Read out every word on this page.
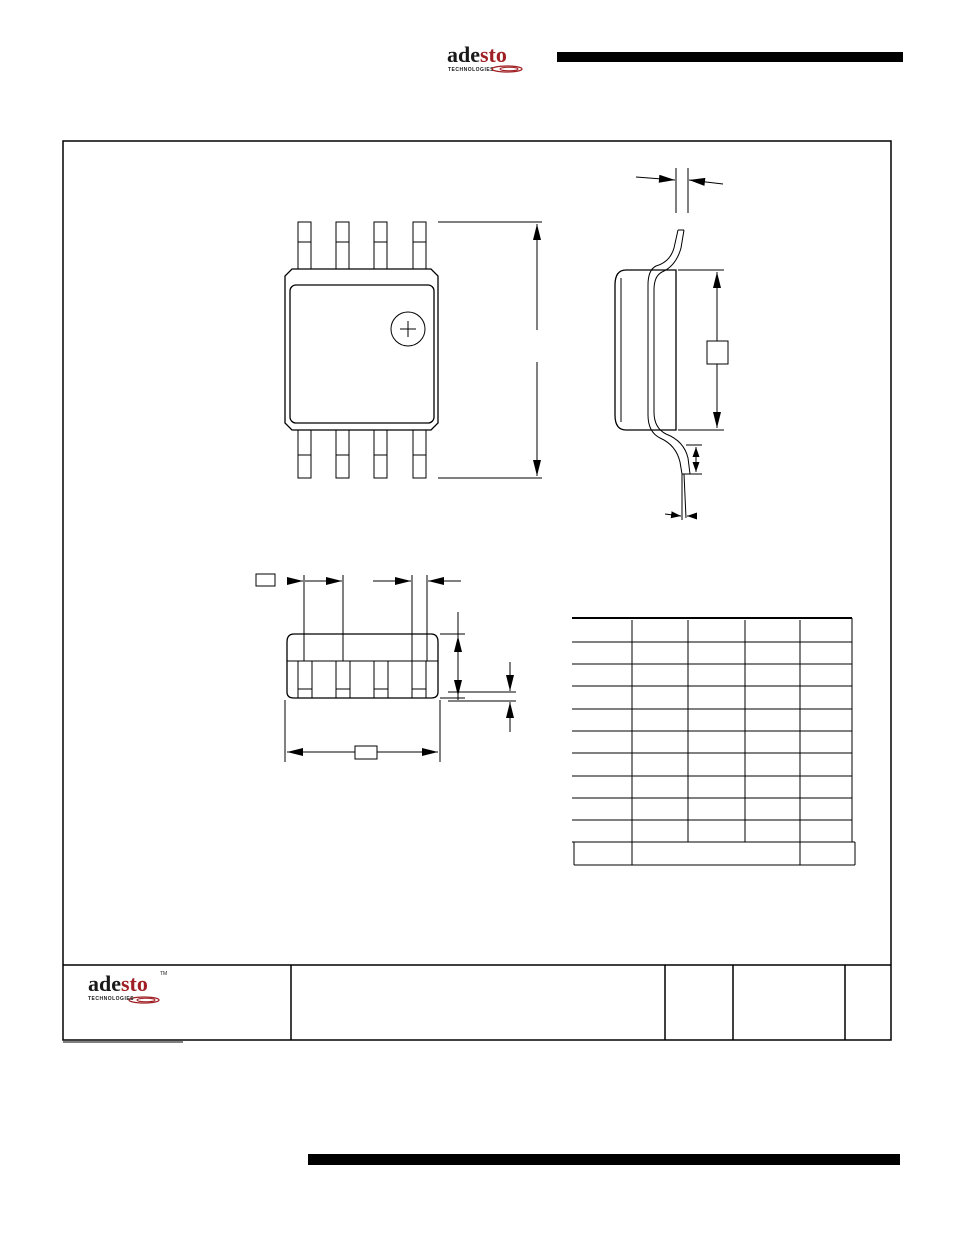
adesto
TECHNOLOGIES
adesto TM
TECHNOLOGIES
